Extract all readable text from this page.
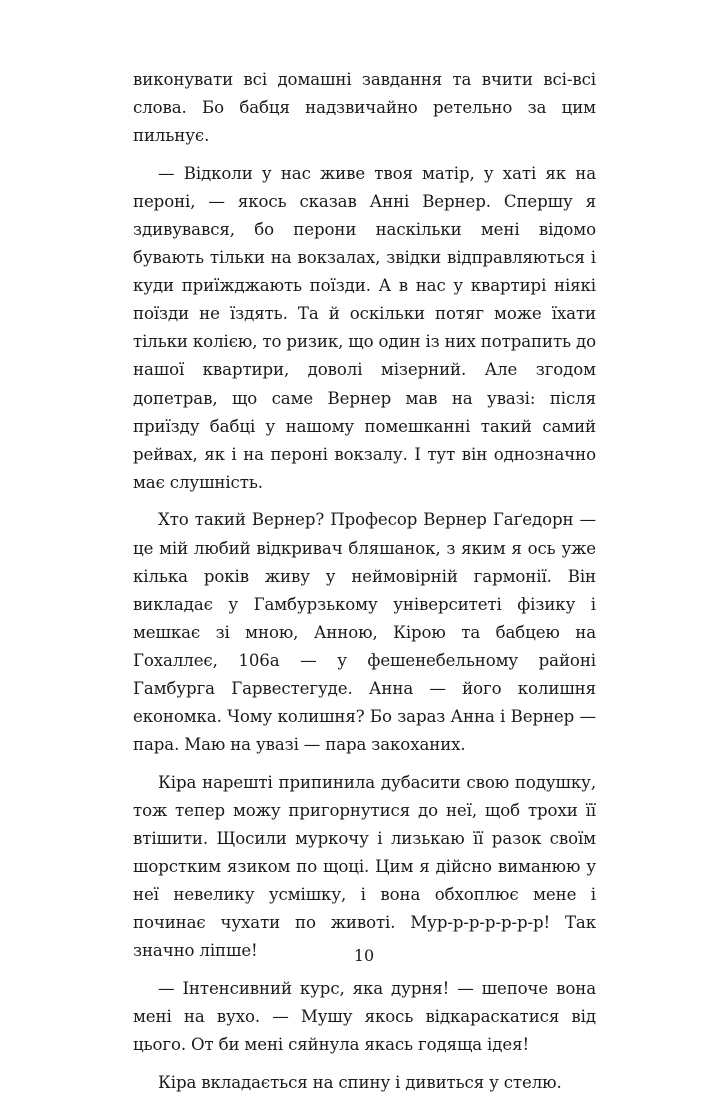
виконувати всі домашні завдання та вчити всі-всі слова. Бо бабця надзвичайно ретельно за цим пильнує.

— Відколи у нас живе твоя матір, у хаті як на пероні, — якось сказав Анні Вернер. Спершу я здивувався, бо перони наскільки мені відомо бувають тільки на вокзалах, звідки відправляються і куди приїжджають поїзди. А в нас у квартирі ніякі поїзди не їздять. Та й оскільки потяг може їхати тільки колією, то ризик, що один із них потрапить до нашої квартири, доволі мізерний. Але згодом допетрав, що саме Вернер мав на увазі: після приїзду бабці у нашому помешканні такий самий рейвах, як і на пероні вокзалу. І тут він однозначно має слушність.

Хто такий Вернер? Професор Вернер Гаґедорн — це мій любий відкривач бляшанок, з яким я ось уже кілька років живу у неймовірній гармонії. Він викладає у Гамбурзькому університеті фізику і мешкає зі мною, Анною, Кірою та бабцею на Гохаллеє, 106а — у фешенебельному районі Гамбурга Гарвестегуде. Анна — його колишня економка. Чому колишня? Бо зараз Анна і Вернер — пара. Маю на увазі — пара закоханих.

Кіра нарешті припинила дубасити свою подушку, тож тепер можу пригорнутися до неї, щоб трохи її втішити. Щосили муркочу і лизькаю її разок своїм шорстким язиком по щоці. Цим я дійсно виманюю у неї невелику усмішку, і вона обхоплює мене і починає чухати по животі. Мур-р-р-р-р-р-р! Так значно ліпше!

— Інтенсивний курс, яка дурня! — шепоче вона мені на вухо. — Мушу якось відкараскатися від цього. От би мені сяйнула якась годяща ідея!

Кіра вкладається на спину і дивиться у стелю.

10
